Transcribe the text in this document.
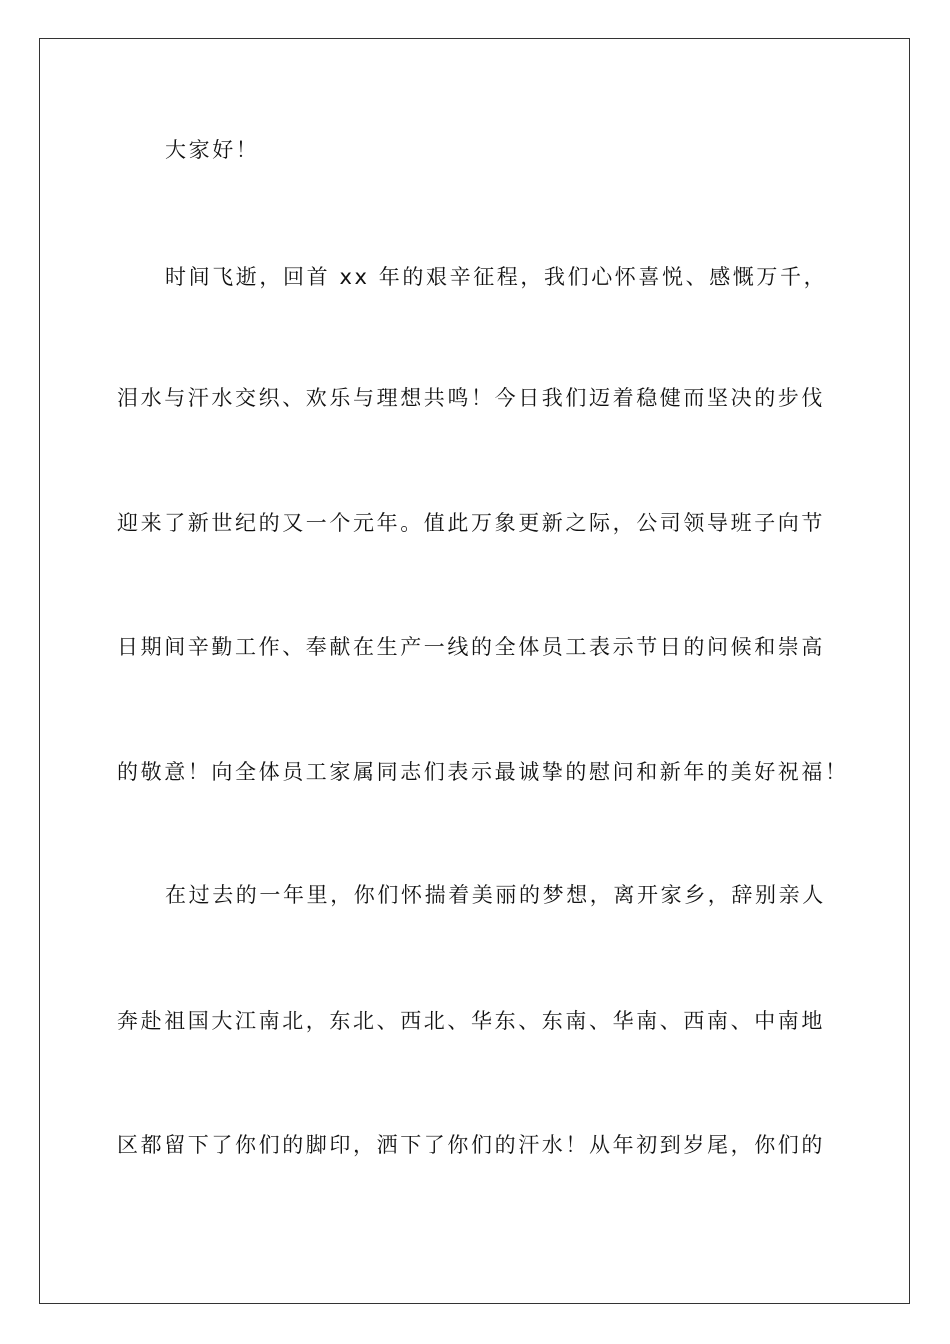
大家好！
时间飞逝，回首 xx 年的艰辛征程，我们心怀喜悦、感慨万千，
泪水与汗水交织、欢乐与理想共鸣！今日我们迈着稳健而坚决的步伐
迎来了新世纪的又一个元年。值此万象更新之际，公司领导班子向节
日期间辛勤工作、奉献在生产一线的全体员工表示节日的问候和崇高
的敬意！向全体员工家属同志们表示最诚挚的慰问和新年的美好祝福！
在过去的一年里，你们怀揣着美丽的梦想，离开家乡，辞别亲人
奔赴祖国大江南北，东北、西北、华东、东南、华南、西南、中南地
区都留下了你们的脚印，洒下了你们的汗水！从年初到岁尾，你们的
